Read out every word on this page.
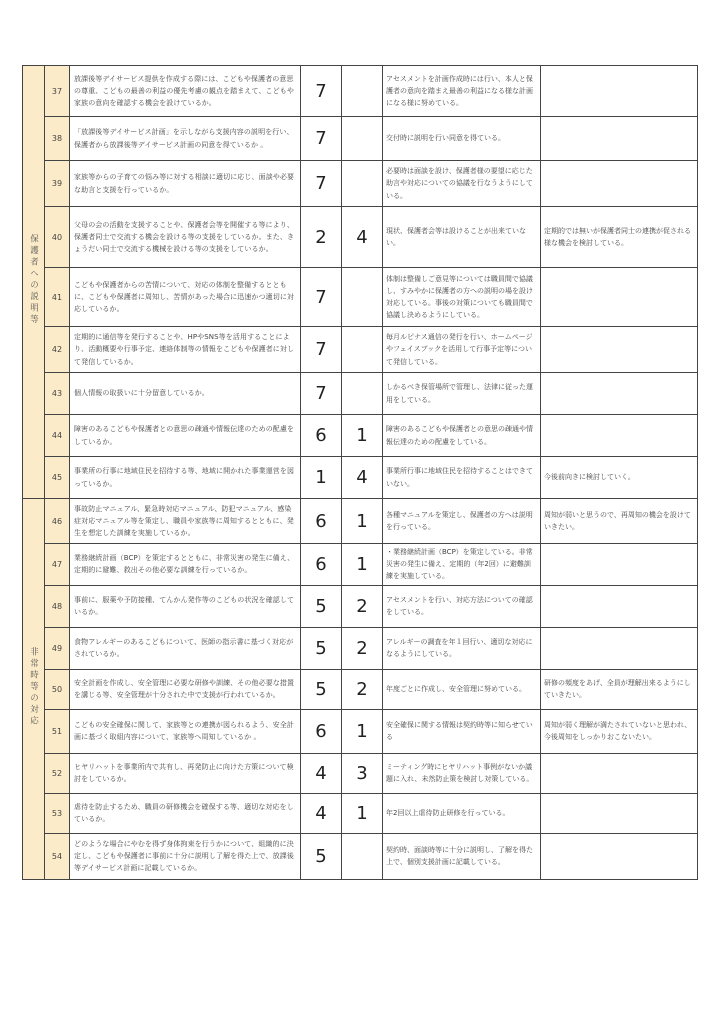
保護者への説明等	37	放課後等デイサービス提供を作成する際には、こどもや保護者の意思の尊重、こどもの最善の利益の優先考慮の観点を踏まえて、こどもや家族の意向を確認する機会を設けているか。	7		アセスメントを計画作成時には行い、本人と保護者の意向を踏まえ最善の利益になる様な計画になる様に努めている。	
	38	「放課後等デイサービス計画」を示しながら支援内容の説明を行い、保護者から放課後等デイサービス計画の同意を得ているか 。	7		交付時に説明を行い同意を得ている。	
	39	家族等からの子育ての悩み等に対する相談に適切に応じ、面談や必要な助言と支援を行っているか。	7		必要時は面談を設け、保護者様の要望に応じた助言や対応についての協議を行なうようにしている。	
	40	父母の会の活動を支援することや、保護者会等を開催する等により、保護者同士で交流する機会を設ける等の支援をしているか。また、きょうだい同士で交流する機械を設ける等の支援をしているか。	2	4	現状、保護者会等は設けることが出来ていない。	定期的では無いが保護者同士の連携が促される様な機会を検討している。
	41	こどもや保護者からの苦情について、対応の体制を整備するとともに、こどもや保護者に周知し、苦情があった場合に迅速かつ適切に対応しているか。	7		体制は整備しご意見等については職員間で協議し、すみやかに保護者の方への説明の場を設け対応している。事後の対策についても職員間で協議し決めるようにしている。	
	42	定期的に通信等を発行することや、HPやSNS等を活用することにより、活動概要や行事予定、連絡体制等の情報をこどもや保護者に対して発信しているか。	7		毎月ルピナス通信の発行を行い、ホームページやフェイスブックを活用して行事予定等について発信している。	
	43	個人情報の取扱いに十分留意しているか。	7		しかるべき保管場所で管理し、法律に従った運用をしている。	
	44	障害のあるこどもや保護者との意思の疎通や情報伝達のための配慮をしているか。	6	1	障害のあるこどもや保護者との意思の疎通や情報伝達のための配慮をしている。	
	45	事業所の行事に地域住民を招待する等、地域に開かれた事業運営を図っているか。	1	4	事業所行事に地域住民を招待することはできていない。	今後前向きに検討していく。
非常時等の対応	46	事故防止マニュアル、緊急時対応マニュアル、防犯マニュアル、感染症対応マニュアル等を策定し、職員や家族等に周知するとともに、発生を想定した訓練を実施しているか。	6	1	各種マニュアルを策定し、保護者の方へは説明を行っている。	周知が弱いと思うので、再周知の機会を設けていきたい。
	47	業務継続計画（BCP）を策定するとともに、非常災害の発生に備え、定期的に避難、救出その他必要な訓練を行っているか。	6	1	・業務継続計画（BCP）を策定している。非常災害の発生に備え、定期的（年2回）に避難訓練を実施している。	
	48	事前に、服薬や予防接種、てんかん発作等のこどもの状況を確認しているか。	5	2	アセスメントを行い、対応方法についての確認をしている。	
	49	食物アレルギーのあるこどもについて、医師の指示書に基づく対応がされているか。	5	2	アレルギーの調査を年１回行い、適切な対応になるようにしている。	
	50	安全計画を作成し、安全管理に必要な研修や訓練、その他必要な措置を講じる等、安全管理が十分された中で支援が行われているか。	5	2	年度ごとに作成し、安全管理に努めている。	研修の頻度をあげ、全員が理解出来るようにしていきたい。
	51	こどもの安全確保に関して、家族等との連携が図られるよう、安全計画に基づく取組内容について、家族等へ周知しているか 。	6	1	安全確保に関する情報は契約時等に知らせている	周知が弱く理解が満たされていないと思われ、今後周知をしっかりおこないたい。
	52	ヒヤリハットを事業所内で共有し、再発防止に向けた方策について検討をしているか。	4	3	ミーティング時にヒヤリハット事例がないか議題に入れ、未然防止策を検討し対策している。	
	53	虐待を防止するため、職員の研修機会を確保する等、適切な対応をしているか。	4	1	年2回以上虐待防止研修を行っている。	
	54	どのような場合にやむを得ず身体拘束を行うかについて、組織的に決定し、こどもや保護者に事前に十分に説明し了解を得た上で、放課後等デイサービス計画に記載しているか。	5		契約時、面談時等に十分に説明し、了解を得た上で、個別支援計画に記載している。	
